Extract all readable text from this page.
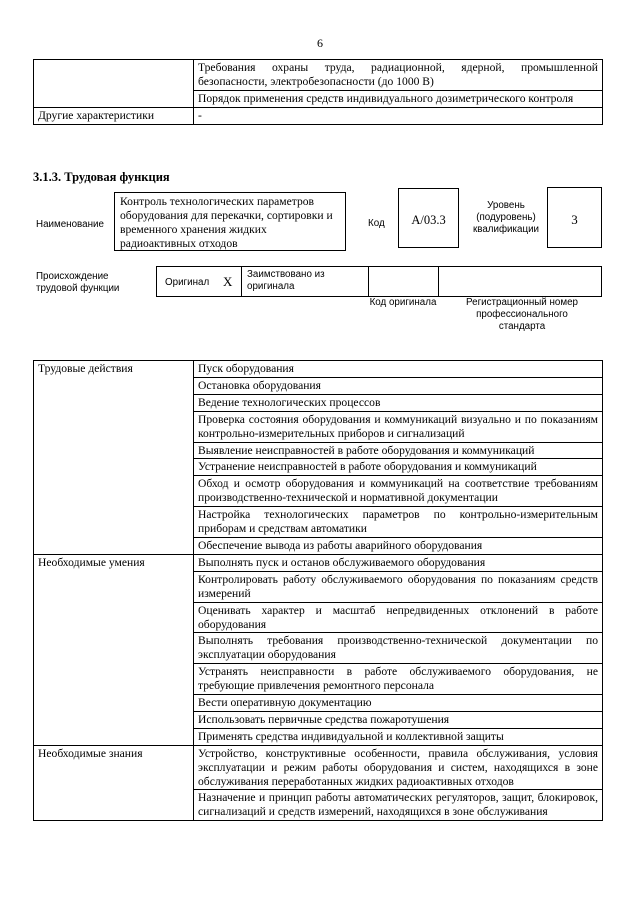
6
	Требования охраны труда, радиационной, ядерной, промышленной безопасности, электробезопасности (до 1000 В)
	Порядок применения средств индивидуального дозиметрического контроля
Другие характеристики	-
3.1.3. Трудовая функция
Наименование
Контроль технологических параметров оборудования для перекачки, сортировки и временного хранения жидких радиоактивных отходов
Код	A/03.3
Уровень (подуровень) квалификации
3
Происхождение трудовой функции
Оригинал X Заимствовано из оригинала
Код оригинала	Регистрационный номер профессионального стандарта
Трудовые действия	Пуск оборудования
	Остановка оборудования
	Ведение технологических процессов
	Проверка состояния оборудования и коммуникаций визуально и по показаниям контрольно-измерительных приборов и сигнализаций
	Выявление неисправностей в работе оборудования и коммуникаций
	Устранение неисправностей в работе оборудования и коммуникаций
	Обход и осмотр оборудования и коммуникаций на соответствие требованиям производственно-технической и нормативной документации
	Настройка технологических параметров по контрольно-измерительным приборам и средствам автоматики
	Обеспечение вывода из работы аварийного оборудования
Необходимые умения	Выполнять пуск и останов обслуживаемого оборудования
	Контролировать работу обслуживаемого оборудования по показаниям средств измерений
	Оценивать характер и масштаб непредвиденных отклонений в работе оборудования
	Выполнять требования производственно-технической документации по эксплуатации оборудования
	Устранять неисправности в работе обслуживаемого оборудования, не требующие привлечения ремонтного персонала
	Вести оперативную документацию
	Использовать первичные средства пожаротушения
	Применять средства индивидуальной и коллективной защиты
Необходимые знания	Устройство, конструктивные особенности, правила обслуживания, условия эксплуатации и режим работы оборудования и систем, находящихся в зоне обслуживания переработанных жидких радиоактивных отходов
	Назначение и принцип работы автоматических регуляторов, защит, блокировок, сигнализаций и средств измерений, находящихся в зоне обслуживания
